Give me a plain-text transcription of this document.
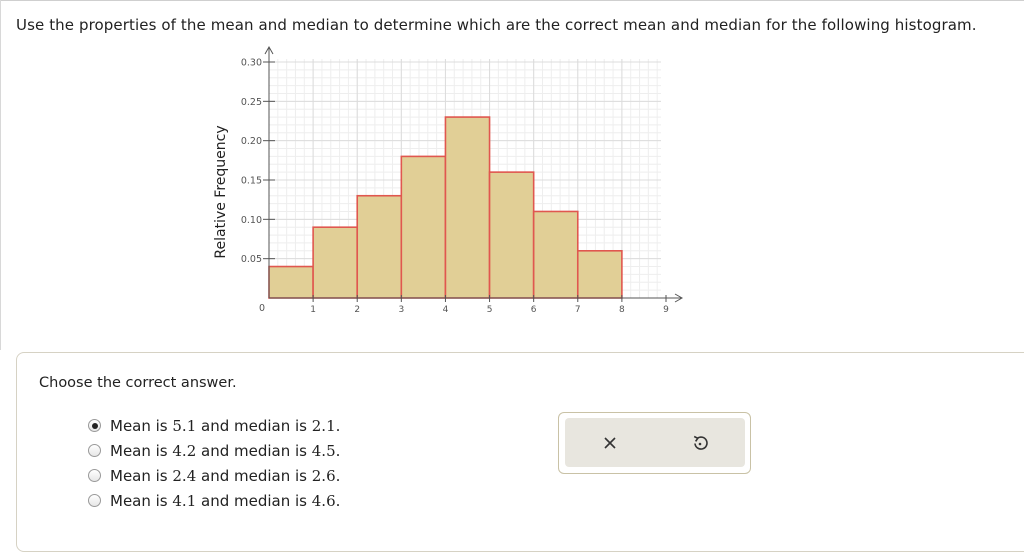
Use the properties of the mean and median to determine which are the correct mean and median for the following histogram.
1	2	3	4	5	6	7	8	9
0.05
0.10
0.15
0.20
0.25
0.30
0
Relative Frequency
Choose the correct answer.
Mean is 5.1 and median is 2.1.
Mean is 4.2 and median is 4.5.
Mean is 2.4 and median is 2.6.
Mean is 4.1 and median is 4.6.
